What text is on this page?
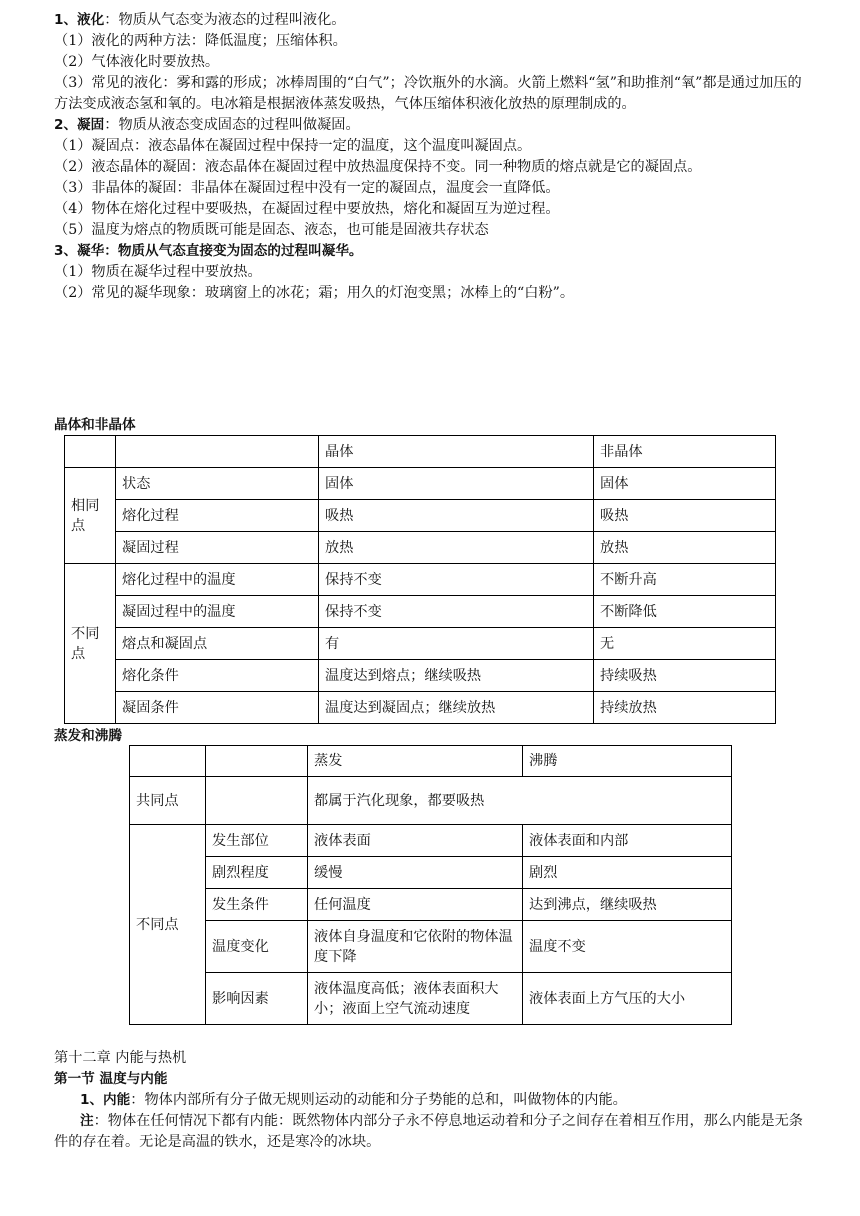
1、液化：物质从气态变为液态的过程叫液化。

（1）液化的两种方法：降低温度；压缩体积。

（2）气体液化时要放热。

（3）常见的液化：雾和露的形成；冰棒周围的“白气”；冷饮瓶外的水滴。火箭上燃料“氢”和助推剂“氧”都是通过加压的方法变成液态氢和氧的。电冰箱是根据液体蒸发吸热，气体压缩体积液化放热的原理制成的。

2、凝固：物质从液态变成固态的过程叫做凝固。

（1）凝固点：液态晶体在凝固过程中保持一定的温度，这个温度叫凝固点。

（2）液态晶体的凝固：液态晶体在凝固过程中放热温度保持不变。同一种物质的熔点就是它的凝固点。

（3）非晶体的凝固：非晶体在凝固过程中没有一定的凝固点，温度会一直降低。

（4）物体在熔化过程中要吸热，在凝固过程中要放热，熔化和凝固互为逆过程。

（5）温度为熔点的物质既可能是固态、液态，也可能是固液共存状态

3、凝华：物质从气态直接变为固态的过程叫凝华。

（1）物质在凝华过程中要放热。

（2）常见的凝华现象：玻璃窗上的冰花；霜；用久的灯泡变黑；冰棒上的“白粉”。

晶体和非晶体
		晶体	非晶体
相同点	状态	固体	固体
	熔化过程	吸热	吸热
	凝固过程	放热	放热
不同点	熔化过程中的温度	保持不变	不断升高
	凝固过程中的温度	保持不变	不断降低
	熔点和凝固点	有	无
	熔化条件	温度达到熔点；继续吸热	持续吸热
	凝固条件	温度达到凝固点；继续放热	持续放热
蒸发和沸腾
		蒸发	沸腾
共同点		都属于汽化现象，都要吸热	
不同点	发生部位	液体表面	液体表面和内部
	剧烈程度	缓慢	剧烈
	发生条件	任何温度	达到沸点，继续吸热
	温度变化	液体自身温度和它依附的物体温度下降	温度不变
	影响因素	液体温度高低；液体表面积大小；液面上空气流动速度	液体表面上方气压的大小

第十二章 内能与热机

第一节 温度与内能

1、内能：物体内部所有分子做无规则运动的动能和分子势能的总和，叫做物体的内能。

注：物体在任何情况下都有内能：既然物体内部分子永不停息地运动着和分子之间存在着相互作用，那么内能是无条件的存在着。无论是高温的铁水，还是寒冷的冰块。
